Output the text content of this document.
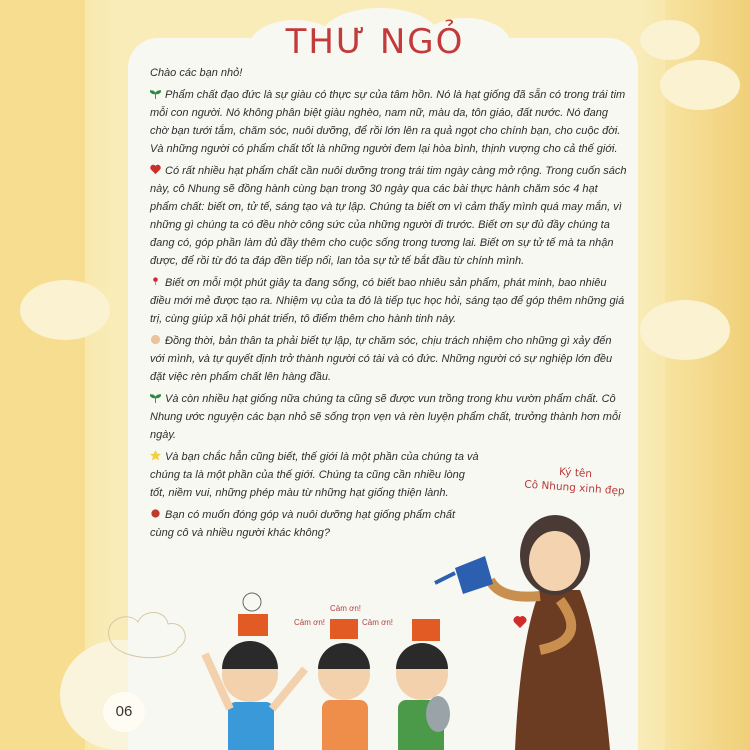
THƯ NGỎ

Chào các bạn nhỏ!

Phẩm chất đạo đức là sự giàu có thực sự của tâm hồn. Nó là hạt giống đã sẵn có trong trái tim mỗi con người. Nó không phân biệt giàu nghèo, nam nữ, màu da, tôn giáo, đất nước. Nó đang chờ bạn tưới tắm, chăm sóc, nuôi dưỡng, để rồi lớn lên ra quả ngọt cho chính bạn, cho cuộc đời. Và những người có phẩm chất tốt là những người đem lại hòa bình, thịnh vượng cho cả thế giới.

Có rất nhiều hạt phẩm chất cần nuôi dưỡng trong trái tim ngày càng mở rộng. Trong cuốn sách này, cô Nhung sẽ đồng hành cùng bạn trong 30 ngày qua các bài thực hành chăm sóc 4 hạt phẩm chất: biết ơn, tử tế, sáng tạo và tự lập. Chúng ta biết ơn vì cảm thấy mình quá may mắn, vì những gì chúng ta có đều nhờ công sức của những người đi trước. Biết ơn sự đủ đầy chúng ta đang có, góp phần làm đủ đầy thêm cho cuộc sống trong tương lai. Biết ơn sự tử tế mà ta nhận được, để rồi từ đó ta đáp đền tiếp nối, lan tỏa sự tử tế bắt đầu từ chính mình.

Biết ơn mỗi một phút giây ta đang sống, có biết bao nhiêu sản phẩm, phát minh, bao nhiêu điều mới mẻ được tạo ra. Nhiệm vụ của ta đó là tiếp tục học hỏi, sáng tạo để góp thêm những giá trị, cùng giúp xã hội phát triển, tô điểm thêm cho hành tinh này.

Đồng thời, bản thân ta phải biết tự lập, tự chăm sóc, chịu trách nhiệm cho những gì xảy đến với mình, và tự quyết định trở thành người có tài và có đức. Những người có sự nghiệp lớn đều đặt việc rèn phẩm chất lên hàng đầu.

Và còn nhiều hạt giống nữa chúng ta cũng sẽ được vun trồng trong khu vườn phẩm chất. Cô Nhung ước nguyện các bạn nhỏ sẽ sống trọn vẹn và rèn luyện phẩm chất, trưởng thành hơn mỗi ngày.

Và bạn chắc hẳn cũng biết, thế giới là một phần của chúng ta và chúng ta là một phần của thế giới. Chúng ta cũng cần nhiều lòng tốt, niềm vui, những phép màu từ những hạt giống thiện lành.

Bạn có muốn đóng góp và nuôi dưỡng hạt giống phẩm chất cùng cô và nhiều người khác không?

Ký tên
Cô Nhung xinh đẹp
Cảm ơn!
Cảm ơn!	Cảm ơn!
06
